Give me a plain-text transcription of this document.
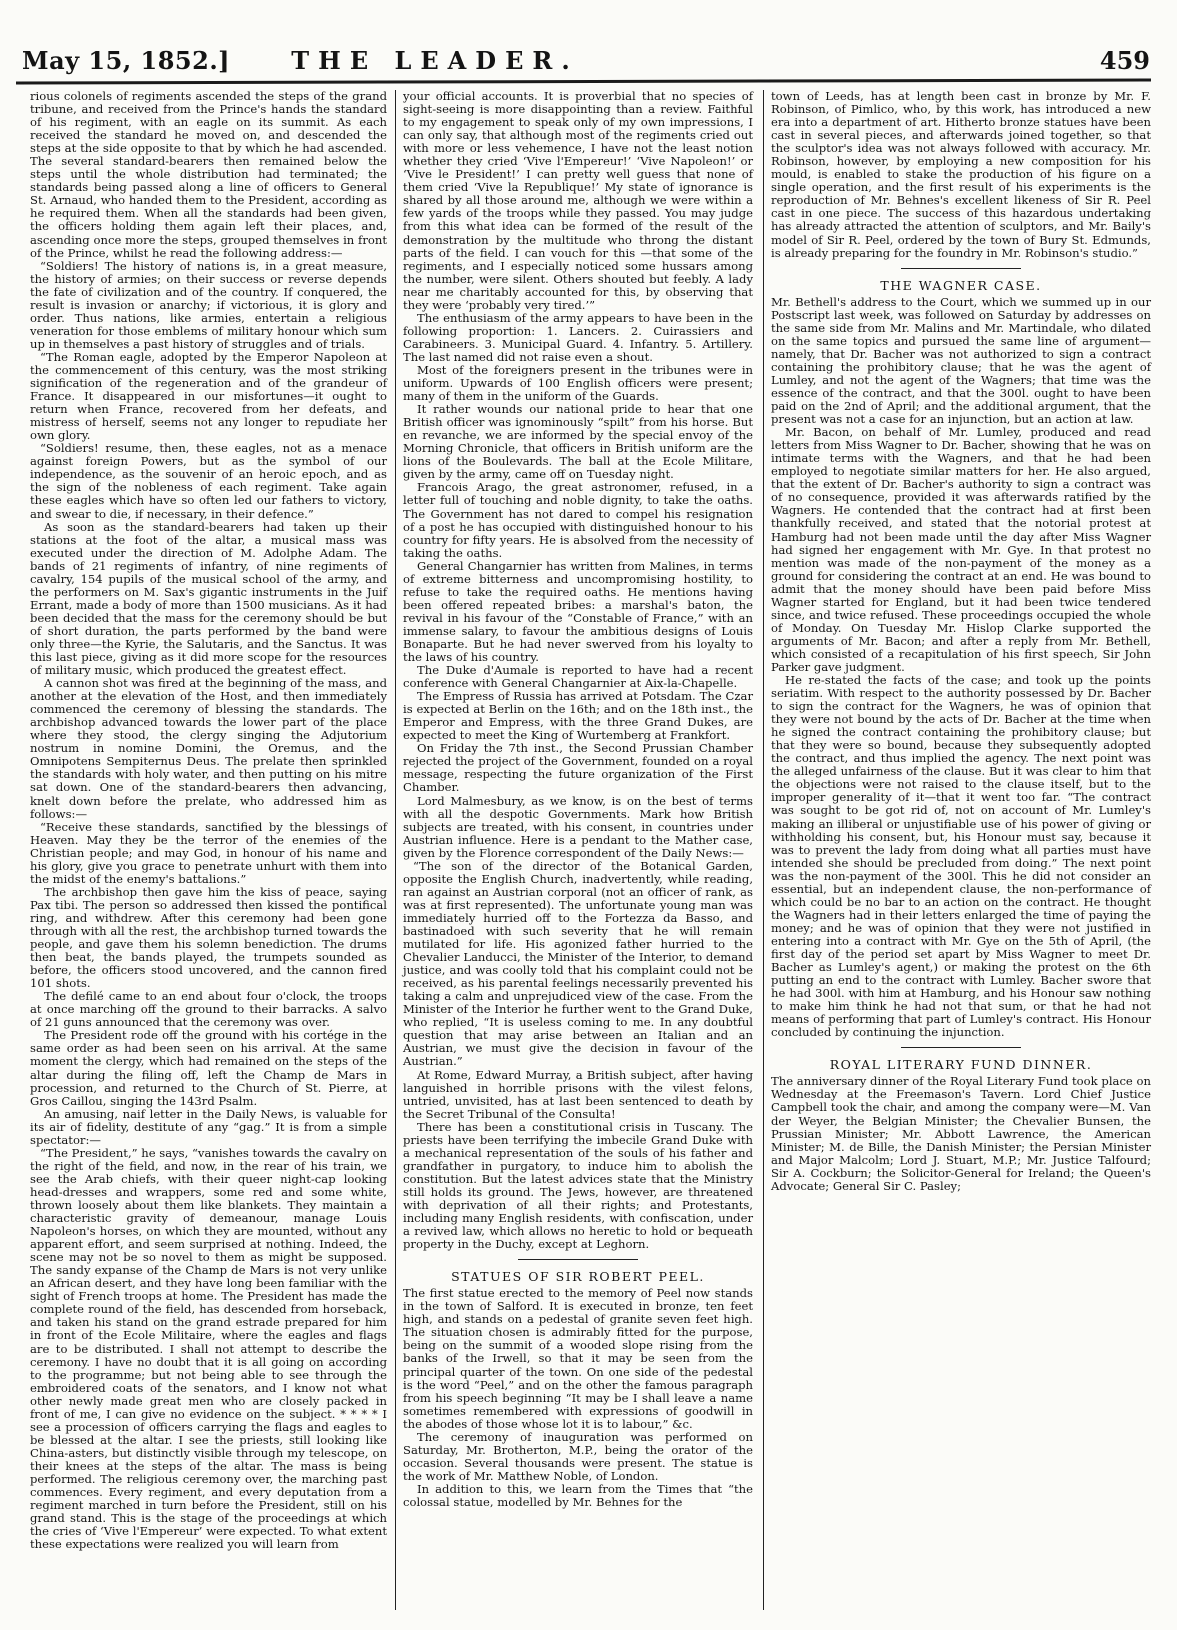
May 15, 1852.]	THE LEADER.	459

rious colonels of regiments ascended the steps of the grand tribune, and received from the Prince's hands the standard of his regiment, with an eagle on its summit. As each received the standard he moved on, and descended the steps at the side opposite to that by which he had ascended. The several standard-bearers then remained below the steps until the whole distribution had terminated; the standards being passed along a line of officers to General St. Arnaud, who handed them to the President, according as he required them. When all the standards had been given, the officers holding them again left their places, and, ascending once more the steps, grouped themselves in front of the Prince, whilst he read the following address:—

“Soldiers! The history of nations is, in a great measure, the history of armies; on their success or reverse depends the fate of civilization and of the country. If conquered, the result is invasion or anarchy; if victorious, it is glory and order. Thus nations, like armies, entertain a religious veneration for those emblems of military honour which sum up in themselves a past history of struggles and of trials.

“The Roman eagle, adopted by the Emperor Napoleon at the commencement of this century, was the most striking signification of the regeneration and of the grandeur of France. It disappeared in our misfortunes—it ought to return when France, recovered from her defeats, and mistress of herself, seems not any longer to repudiate her own glory.

“Soldiers! resume, then, these eagles, not as a menace against foreign Powers, but as the symbol of our independence, as the souvenir of an heroic epoch, and as the sign of the nobleness of each regiment. Take again these eagles which have so often led our fathers to victory, and swear to die, if necessary, in their defence.”

As soon as the standard-bearers had taken up their stations at the foot of the altar, a musical mass was executed under the direction of M. Adolphe Adam. The bands of 21 regiments of infantry, of nine regiments of cavalry, 154 pupils of the musical school of the army, and the performers on M. Sax's gigantic instruments in the Juif Errant, made a body of more than 1500 musicians. As it had been decided that the mass for the ceremony should be but of short duration, the parts performed by the band were only three—the Kyrie, the Salutaris, and the Sanctus. It was this last piece, giving as it did more scope for the resources of military music, which produced the greatest effect.

A cannon shot was fired at the beginning of the mass, and another at the elevation of the Host, and then immediately commenced the ceremony of blessing the standards. The archbishop advanced towards the lower part of the place where they stood, the clergy singing the Adjutorium nostrum in nomine Domini, the Oremus, and the Omnipotens Sempiternus Deus. The prelate then sprinkled the standards with holy water, and then putting on his mitre sat down. One of the standard-bearers then advancing, knelt down before the prelate, who addressed him as follows:—

“Receive these standards, sanctified by the blessings of Heaven. May they be the terror of the enemies of the Christian people; and may God, in honour of his name and his glory, give you grace to penetrate unhurt with them into the midst of the enemy's battalions.”

The archbishop then gave him the kiss of peace, saying Pax tibi. The person so addressed then kissed the pontifical ring, and withdrew. After this ceremony had been gone through with all the rest, the archbishop turned towards the people, and gave them his solemn benediction. The drums then beat, the bands played, the trumpets sounded as before, the officers stood uncovered, and the cannon fired 101 shots.

The defilé came to an end about four o'clock, the troops at once marching off the ground to their barracks. A salvo of 21 guns announced that the ceremony was over.

The President rode off the ground with his cortége in the same order as had been seen on his arrival. At the same moment the clergy, which had remained on the steps of the altar during the filing off, left the Champ de Mars in procession, and returned to the Church of St. Pierre, at Gros Caillou, singing the 143rd Psalm.

An amusing, naif letter in the Daily News, is valuable for its air of fidelity, destitute of any “gag.” It is from a simple spectator:—

“The President,” he says, “vanishes towards the cavalry on the right of the field, and now, in the rear of his train, we see the Arab chiefs, with their queer night-cap looking head-dresses and wrappers, some red and some white, thrown loosely about them like blankets. They maintain a characteristic gravity of demeanour, manage Louis Napoleon's horses, on which they are mounted, without any apparent effort, and seem surprised at nothing. Indeed, the scene may not be so novel to them as might be supposed. The sandy expanse of the Champ de Mars is not very unlike an African desert, and they have long been familiar with the sight of French troops at home. The President has made the complete round of the field, has descended from horseback, and taken his stand on the grand estrade prepared for him in front of the Ecole Militaire, where the eagles and flags are to be distributed. I shall not attempt to describe the ceremony. I have no doubt that it is all going on according to the programme; but not being able to see through the embroidered coats of the senators, and I know not what other newly made great men who are closely packed in front of me, I can give no evidence on the subject. * * * * I see a procession of officers carrying the flags and eagles to be blessed at the altar. I see the priests, still looking like China-asters, but distinctly visible through my telescope, on their knees at the steps of the altar. The mass is being performed. The religious ceremony over, the marching past commences. Every regiment, and every deputation from a regiment marched in turn before the President, still on his grand stand. This is the stage of the proceedings at which the cries of ‘Vive l'Empereur’ were expected. To what extent these expectations were realized you will learn from

your official accounts. It is proverbial that no species of sight-seeing is more disappointing than a review. Faithful to my engagement to speak only of my own impressions, I can only say, that although most of the regiments cried out with more or less vehemence, I have not the least notion whether they cried ‘Vive l'Empereur!’ ‘Vive Napoleon!’ or ‘Vive le President!’ I can pretty well guess that none of them cried ‘Vive la Republique!’ My state of ignorance is shared by all those around me, although we were within a few yards of the troops while they passed. You may judge from this what idea can be formed of the result of the demonstration by the multitude who throng the distant parts of the field. I can vouch for this —that some of the regiments, and I especially noticed some hussars among the number, were silent. Others shouted but feebly. A lady near me charitably accounted for this, by observing that they were ‘probably very tired.’”

The enthusiasm of the army appears to have been in the following proportion: 1. Lancers. 2. Cuirassiers and Carabineers. 3. Municipal Guard. 4. Infantry. 5. Artillery. The last named did not raise even a shout.

Most of the foreigners present in the tribunes were in uniform. Upwards of 100 English officers were present; many of them in the uniform of the Guards.

It rather wounds our national pride to hear that one British officer was ignominously “spilt” from his horse. But en revanche, we are informed by the special envoy of the Morning Chronicle, that officers in British uniform are the lions of the Boulevards. The ball at the Ecole Militare, given by the army, came off on Tuesday night.

Francois Arago, the great astronomer, refused, in a letter full of touching and noble dignity, to take the oaths. The Government has not dared to compel his resignation of a post he has occupied with distinguished honour to his country for fifty years. He is absolved from the necessity of taking the oaths.

General Changarnier has written from Malines, in terms of extreme bitterness and uncompromising hostility, to refuse to take the required oaths. He mentions having been offered repeated bribes: a marshal's baton, the revival in his favour of the “Constable of France,” with an immense salary, to favour the ambitious designs of Louis Bonaparte. But he had never swerved from his loyalty to the laws of his country.

The Duke d'Aumale is reported to have had a recent conference with General Changarnier at Aix-la-Chapelle.

The Empress of Russia has arrived at Potsdam. The Czar is expected at Berlin on the 16th; and on the 18th inst., the Emperor and Empress, with the three Grand Dukes, are expected to meet the King of Wurtemberg at Frankfort.

On Friday the 7th inst., the Second Prussian Chamber rejected the project of the Government, founded on a royal message, respecting the future organization of the First Chamber.

Lord Malmesbury, as we know, is on the best of terms with all the despotic Governments. Mark how British subjects are treated, with his consent, in countries under Austrian influence. Here is a pendant to the Mather case, given by the Florence correspondent of the Daily News:—

“The son of the director of the Botanical Garden, opposite the English Church, inadvertently, while reading, ran against an Austrian corporal (not an officer of rank, as was at first represented). The unfortunate young man was immediately hurried off to the Fortezza da Basso, and bastinadoed with such severity that he will remain mutilated for life. His agonized father hurried to the Chevalier Landucci, the Minister of the Interior, to demand justice, and was coolly told that his complaint could not be received, as his parental feelings necessarily prevented his taking a calm and unprejudiced view of the case. From the Minister of the Interior he further went to the Grand Duke, who replied, “It is useless coming to me. In any doubtful question that may arise between an Italian and an Austrian, we must give the decision in favour of the Austrian.”

At Rome, Edward Murray, a British subject, after having languished in horrible prisons with the vilest felons, untried, unvisited, has at last been sentenced to death by the Secret Tribunal of the Consulta!

There has been a constitutional crisis in Tuscany. The priests have been terrifying the imbecile Grand Duke with a mechanical representation of the souls of his father and grandfather in purgatory, to induce him to abolish the constitution. But the latest advices state that the Ministry still holds its ground. The Jews, however, are threatened with deprivation of all their rights; and Protestants, including many English residents, with confiscation, under a revived law, which allows no heretic to hold or bequeath property in the Duchy, except at Leghorn.

STATUES OF SIR ROBERT PEEL.

The first statue erected to the memory of Peel now stands in the town of Salford. It is executed in bronze, ten feet high, and stands on a pedestal of granite seven feet high. The situation chosen is admirably fitted for the purpose, being on the summit of a wooded slope rising from the banks of the Irwell, so that it may be seen from the principal quarter of the town. On one side of the pedestal is the word “Peel,” and on the other the famous paragraph from his speech beginning “It may be I shall leave a name sometimes remembered with expressions of goodwill in the abodes of those whose lot it is to labour,” &c.

The ceremony of inauguration was performed on Saturday, Mr. Brotherton, M.P., being the orator of the occasion. Several thousands were present. The statue is the work of Mr. Matthew Noble, of London.

In addition to this, we learn from the Times that “the colossal statue, modelled by Mr. Behnes for the

town of Leeds, has at length been cast in bronze by Mr. F. Robinson, of Pimlico, who, by this work, has introduced a new era into a department of art. Hitherto bronze statues have been cast in several pieces, and afterwards joined together, so that the sculptor's idea was not always followed with accuracy. Mr. Robinson, however, by employing a new composition for his mould, is enabled to stake the production of his figure on a single operation, and the first result of his experiments is the reproduction of Mr. Behnes's excellent likeness of Sir R. Peel cast in one piece. The success of this hazardous undertaking has already attracted the attention of sculptors, and Mr. Baily's model of Sir R. Peel, ordered by the town of Bury St. Edmunds, is already preparing for the foundry in Mr. Robinson's studio.”

THE WAGNER CASE.

Mr. Bethell's address to the Court, which we summed up in our Postscript last week, was followed on Saturday by addresses on the same side from Mr. Malins and Mr. Martindale, who dilated on the same topics and pursued the same line of argument—namely, that Dr. Bacher was not authorized to sign a contract containing the prohibitory clause; that he was the agent of Lumley, and not the agent of the Wagners; that time was the essence of the contract, and that the 300l. ought to have been paid on the 2nd of April; and the additional argument, that the present was not a case for an injunction, but an action at law.

Mr. Bacon, on behalf of Mr. Lumley, produced and read letters from Miss Wagner to Dr. Bacher, showing that he was on intimate terms with the Wagners, and that he had been employed to negotiate similar matters for her. He also argued, that the extent of Dr. Bacher's authority to sign a contract was of no consequence, provided it was afterwards ratified by the Wagners. He contended that the contract had at first been thankfully received, and stated that the notorial protest at Hamburg had not been made until the day after Miss Wagner had signed her engagement with Mr. Gye. In that protest no mention was made of the non-payment of the money as a ground for considering the contract at an end. He was bound to admit that the money should have been paid before Miss Wagner started for England, but it had been twice tendered since, and twice refused. These proceedings occupied the whole of Monday. On Tuesday Mr. Hislop Clarke supported the arguments of Mr. Bacon; and after a reply from Mr. Bethell, which consisted of a recapitulation of his first speech, Sir John Parker gave judgment.

He re-stated the facts of the case; and took up the points seriatim. With respect to the authority possessed by Dr. Bacher to sign the contract for the Wagners, he was of opinion that they were not bound by the acts of Dr. Bacher at the time when he signed the contract containing the prohibitory clause; but that they were so bound, because they subsequently adopted the contract, and thus implied the agency. The next point was the alleged unfairness of the clause. But it was clear to him that the objections were not raised to the clause itself, but to the improper generality of it—that it went too far. “The contract was sought to be got rid of, not on account of Mr. Lumley's making an illiberal or unjustifiable use of his power of giving or withholding his consent, but, his Honour must say, because it was to prevent the lady from doing what all parties must have intended she should be precluded from doing.” The next point was the non-payment of the 300l. This he did not consider an essential, but an independent clause, the non-performance of which could be no bar to an action on the contract. He thought the Wagners had in their letters enlarged the time of paying the money; and he was of opinion that they were not justified in entering into a contract with Mr. Gye on the 5th of April, (the first day of the period set apart by Miss Wagner to meet Dr. Bacher as Lumley's agent,) or making the protest on the 6th putting an end to the contract with Lumley. Bacher swore that he had 300l. with him at Hamburg, and his Honour saw nothing to make him think he had not that sum, or that he had not means of performing that part of Lumley's contract. His Honour concluded by continuing the injunction.

ROYAL LITERARY FUND DINNER.

The anniversary dinner of the Royal Literary Fund took place on Wednesday at the Freemason's Tavern. Lord Chief Justice Campbell took the chair, and among the company were—M. Van der Weyer, the Belgian Minister; the Chevalier Bunsen, the Prussian Minister; Mr. Abbott Lawrence, the American Minister; M. de Bille, the Danish Minister; the Persian Minister and Major Malcolm; Lord J. Stuart, M.P.; Mr. Justice Talfourd; Sir A. Cockburn; the Solicitor-General for Ireland; the Queen's Advocate; General Sir C. Pasley;
